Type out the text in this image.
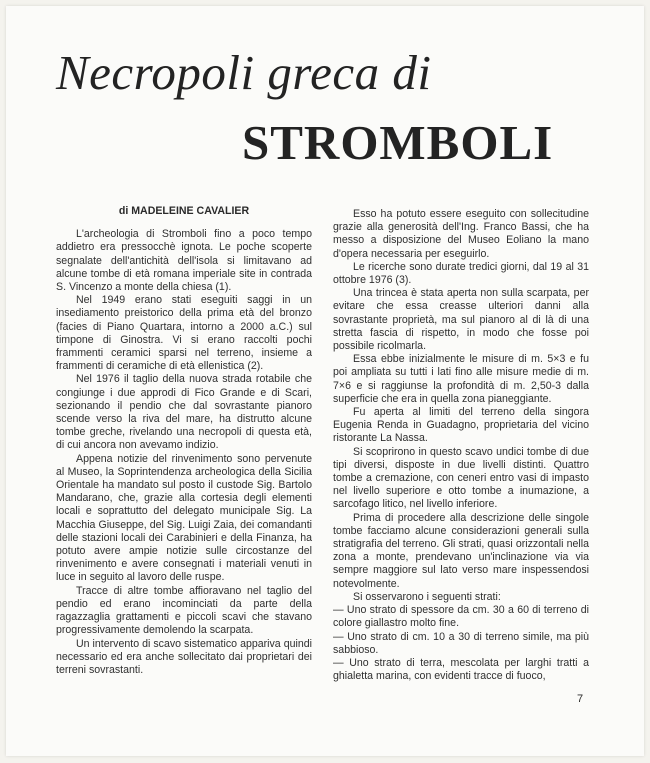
Necropoli greca di
STROMBOLI
di MADELEINE CAVALIER

L'archeologia di Stromboli fino a poco tempo addietro era pressocchè ignota. Le poche scoperte segnalate dell'antichità dell'isola si limitavano ad alcune tombe di età romana imperiale site in contrada S. Vincenzo a monte della chiesa (1).

Nel 1949 erano stati eseguiti saggi in un insediamento preistorico della prima età del bronzo (facies di Piano Quartara, intorno a 2000 a.C.) sul timpone di Ginostra. Vi si erano raccolti pochi frammenti ceramici sparsi nel terreno, insieme a frammenti di ceramiche di età ellenistica (2).

Nel 1976 il taglio della nuova strada rotabile che congiunge i due approdi di Fico Grande e di Scari, sezionando il pendio che dal sovrastante pianoro scende verso la riva del mare, ha distrutto alcune tombe greche, rivelando una necropoli di questa età, di cui ancora non avevamo indizio.

Appena notizie del rinvenimento sono pervenute al Museo, la Soprintendenza archeologica della Sicilia Orientale ha mandato sul posto il custode Sig. Bartolo Mandarano, che, grazie alla cortesia degli elementi locali e soprattutto del delegato municipale Sig. La Macchia Giuseppe, del Sig. Luigi Zaia, dei comandanti delle stazioni locali dei Carabinieri e della Finanza, ha potuto avere ampie notizie sulle circostanze del rinvenimento e avere consegnati i materiali venuti in luce in seguito al lavoro delle ruspe.

Tracce di altre tombe affioravano nel taglio del pendio ed erano incominciati da parte della ragazzaglia grattamenti e piccoli scavi che stavano progressivamente demolendo la scarpata.

Un intervento di scavo sistematico appariva quindi necessario ed era anche sollecitato dai proprietari dei terreni sovrastanti.

Esso ha potuto essere eseguito con sollecitudine grazie alla generosità dell'Ing. Franco Bassi, che ha messo a disposizione del Museo Eoliano la mano d'opera necessaria per eseguirlo.

Le ricerche sono durate tredici giorni, dal 19 al 31 ottobre 1976 (3).

Una trincea è stata aperta non sulla scarpata, per evitare che essa creasse ulteriori danni alla sovrastante proprietà, ma sul pianoro al di là di una stretta fascia di rispetto, in modo che fosse poi possibile ricolmarla.

Essa ebbe inizialmente le misure di m. 5×3 e fu poi ampliata su tutti i lati fino alle misure medie di m. 7×6 e si raggiunse la profondità di m. 2,50-3 dalla superficie che era in quella zona pianeggiante.

Fu aperta al limiti del terreno della singora Eugenia Renda in Guadagno, proprietaria del vicino ristorante La Nassa.

Si scoprirono in questo scavo undici tombe di due tipi diversi, disposte in due livelli distinti. Quattro tombe a cremazione, con ceneri entro vasi di impasto nel livello superiore e otto tombe a inumazione, a sarcofago litico, nel livello inferiore.

Prima di procedere alla descrizione delle singole tombe facciamo alcune considerazioni generali sulla stratigrafia del terreno. Gli strati, quasi orizzontali nella zona a monte, prendevano un'inclinazione via via sempre maggiore sul lato verso mare inspessendosi notevolmente.

Si osservarono i seguenti strati:

— Uno strato di spessore da cm. 30 a 60 di terreno di colore giallastro molto fine.

— Uno strato di cm. 10 a 30 di terreno simile, ma più sabbioso.

— Uno strato di terra, mescolata per larghi tratti a ghialetta marina, con evidenti tracce di fuoco,

7
